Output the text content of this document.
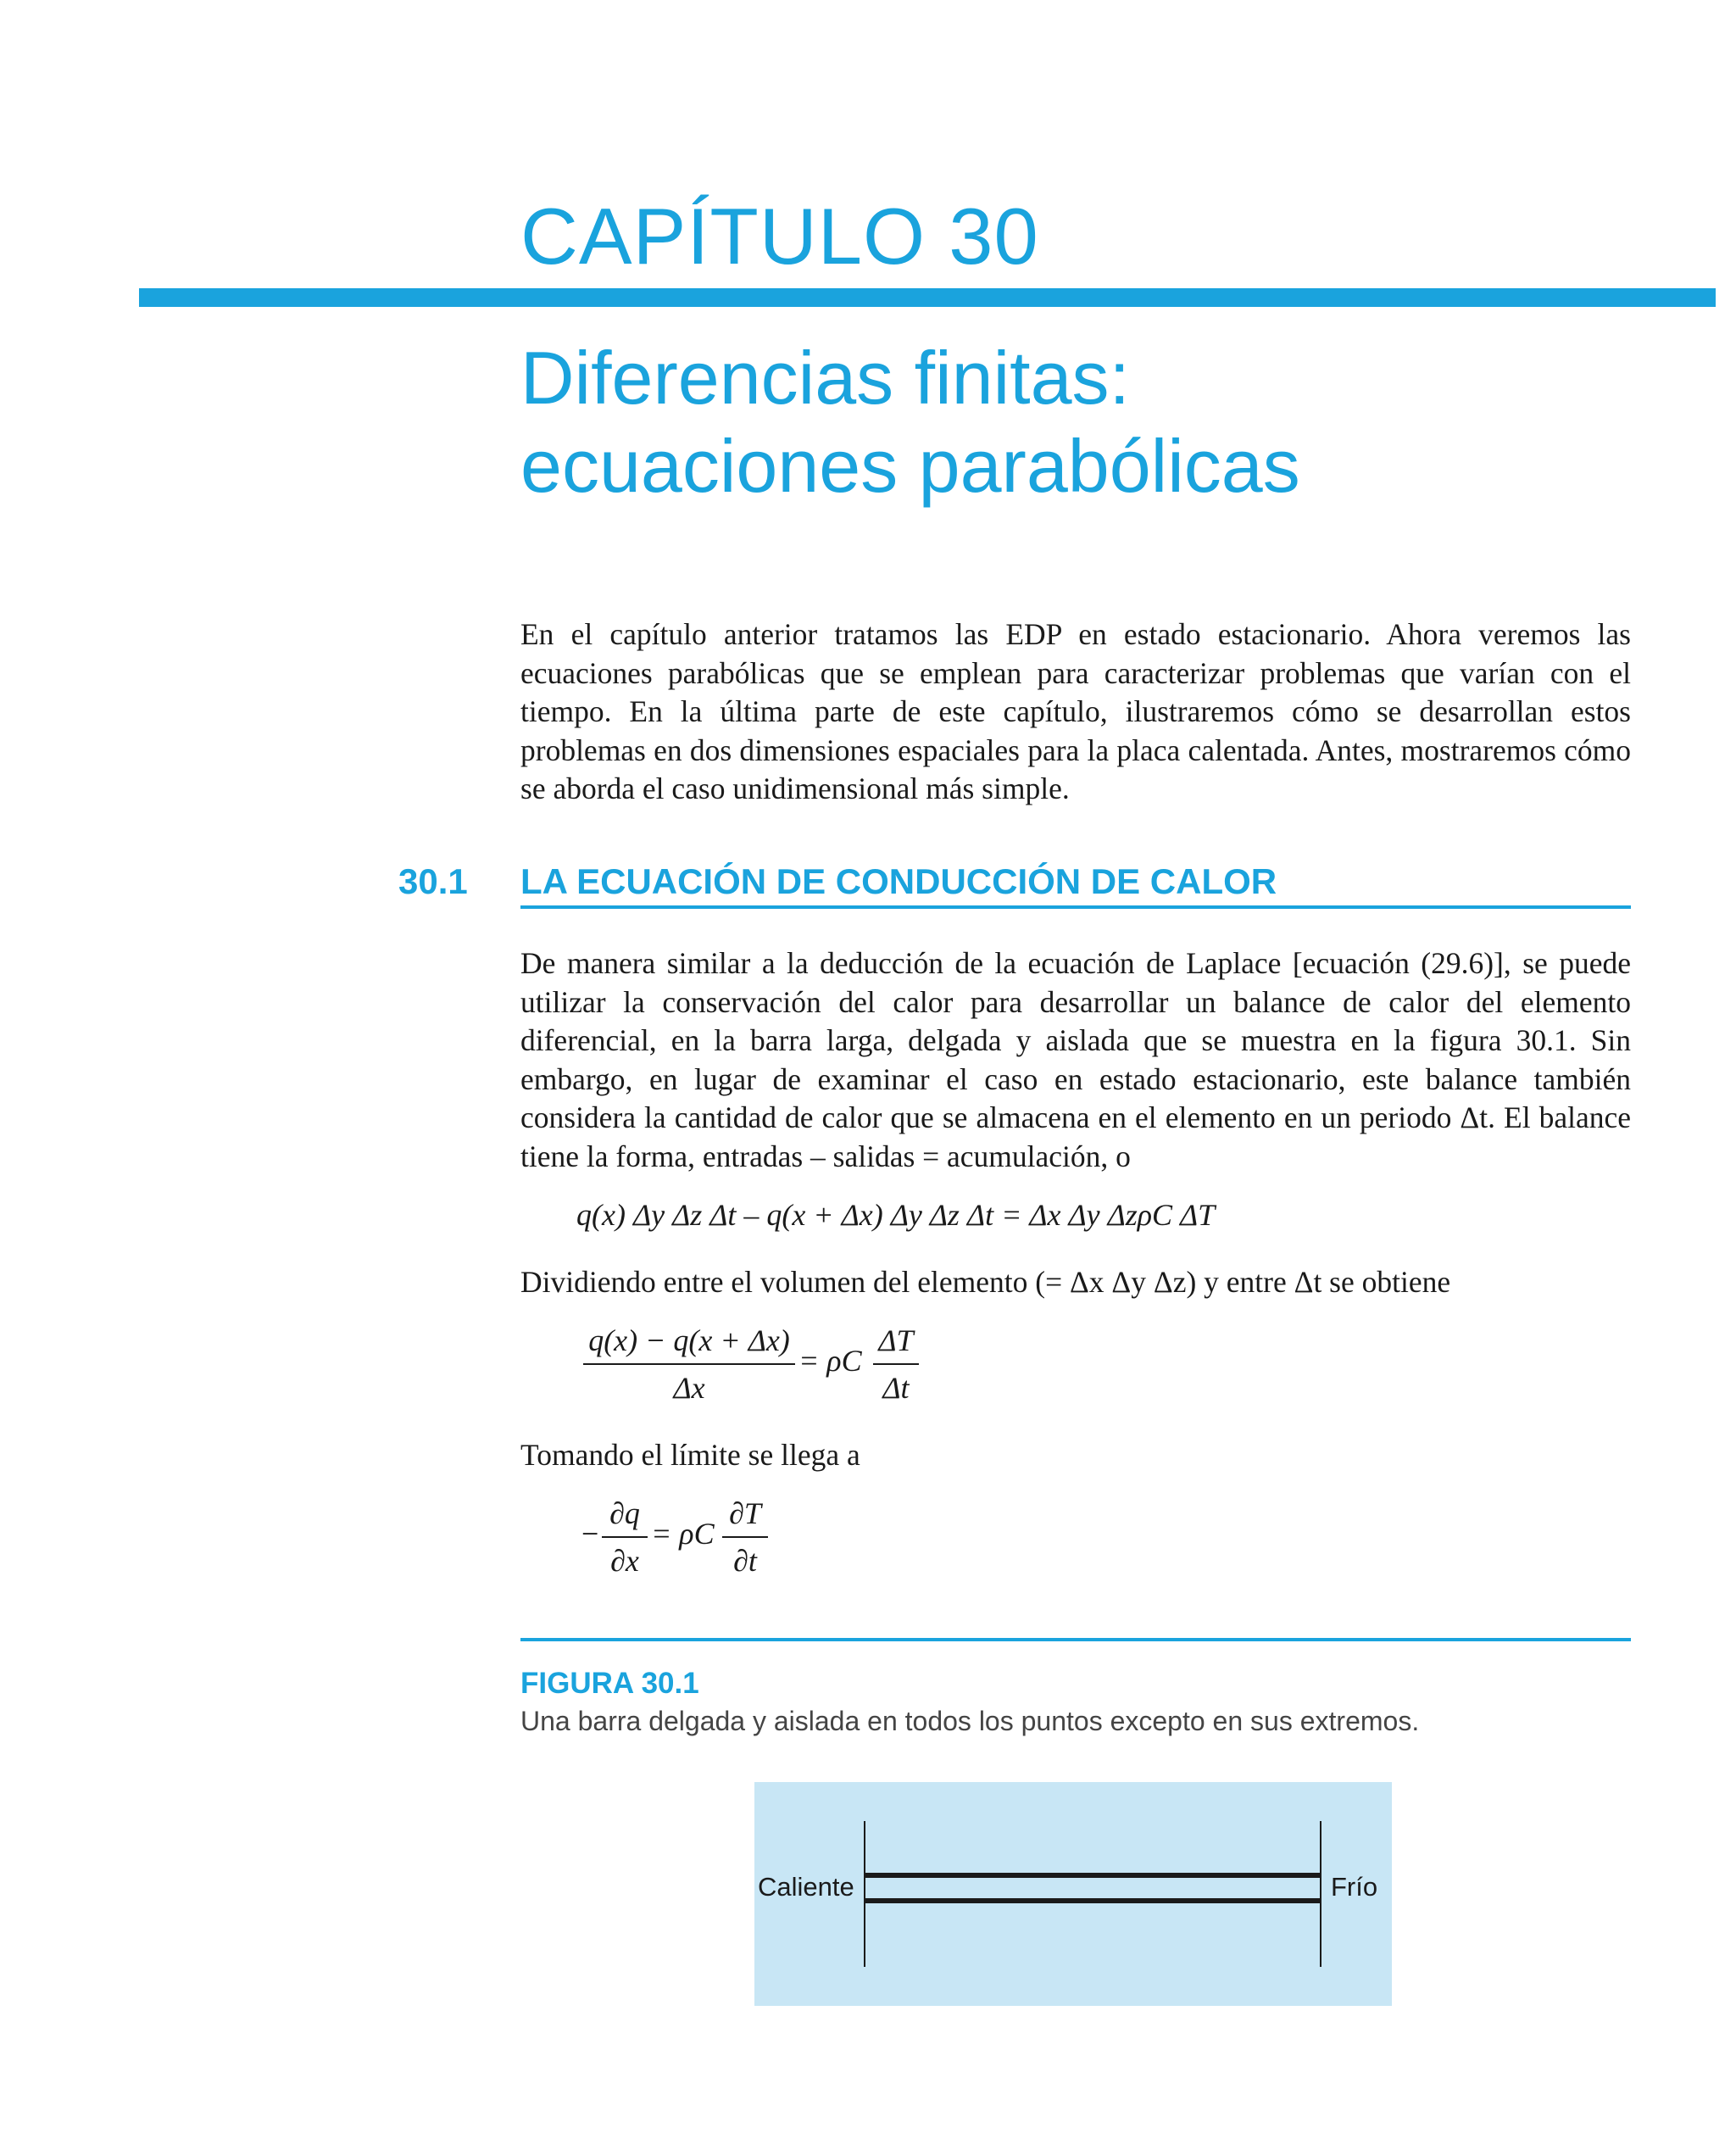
CAPÍTULO 30
Diferencias finitas:
ecuaciones parabólicas

En el capítulo anterior tratamos las EDP en estado estacionario. Ahora veremos las ecuaciones parabólicas que se emplean para caracterizar problemas que varían con el tiempo. En la última parte de este capítulo, ilustraremos cómo se desarrollan estos problemas en dos dimensiones espaciales para la placa calentada. Antes, mostraremos cómo se aborda el caso unidimensional más simple.

30.1 LA ECUACIÓN DE CONDUCCIÓN DE CALOR

De manera similar a la deducción de la ecuación de Laplace [ecuación (29.6)], se puede utilizar la conservación del calor para desarrollar un balance de calor del elemento diferencial, en la barra larga, delgada y aislada que se muestra en la figura 30.1. Sin embargo, en lugar de examinar el caso en estado estacionario, este balance también considera la cantidad de calor que se almacena en el elemento en un periodo Δt. El balance tiene la forma, entradas – salidas = acumulación, o

q(x) Δy Δz Δt – q(x + Δx) Δy Δz Δt = Δx Δy ΔzρC ΔT

Dividiendo entre el volumen del elemento (= Δx Δy Δz) y entre Δt se obtiene

q(x) − q(x + Δx)
Δx
= ρC
ΔT
Δt

Tomando el límite se llega a

−
∂q
∂x
= ρC
∂T
∂t

FIGURA 30.1

Una barra delgada y aislada en todos los puntos excepto en sus extremos.

Caliente	Frío
